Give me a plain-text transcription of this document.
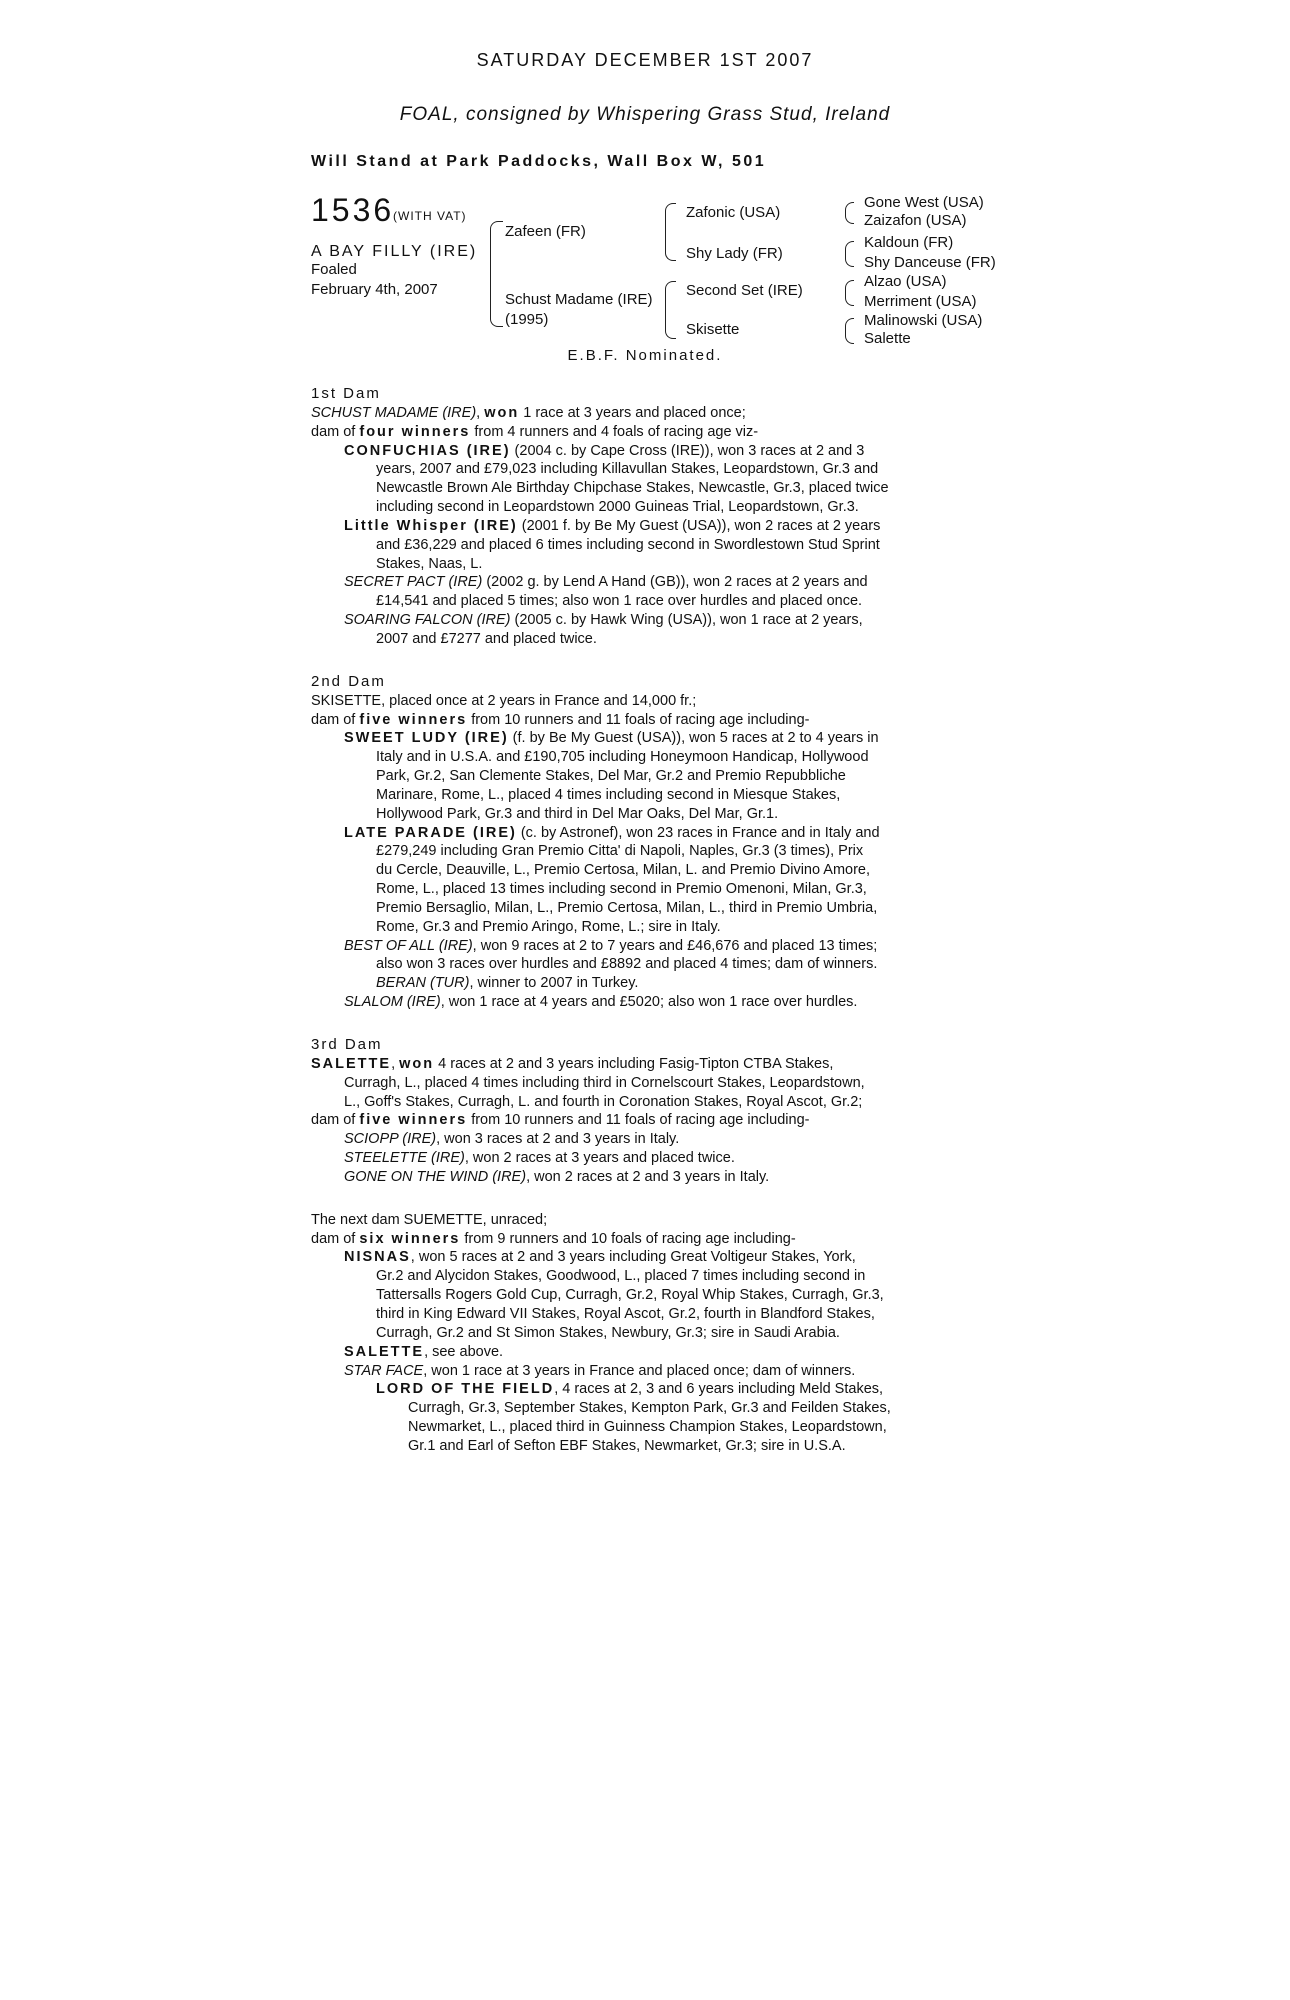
SATURDAY DECEMBER 1ST 2007
FOAL, consigned by Whispering Grass Stud, Ireland
Will Stand at Park Paddocks, Wall Box W, 501
1536
(WITH VAT)
A BAY FILLY (IRE)
Foaled
February 4th, 2007
Zafeen (FR)
Schust Madame (IRE)
(1995)
Zafonic (USA)
Shy Lady (FR)
Second Set (IRE)
Skisette
Gone West (USA)
Zaizafon (USA)
Kaldoun (FR)
Shy Danceuse (FR)
Alzao (USA)
Merriment (USA)
Malinowski (USA)
Salette
E.B.F. Nominated.
1st Dam
SCHUST MADAME (IRE), won 1 race at 3 years and placed once;
dam of four winners from 4 runners and 4 foals of racing age viz-
CONFUCHIAS (IRE) (2004 c. by Cape Cross (IRE)), won 3 races at 2 and 3
years, 2007 and £79,023 including Killavullan Stakes, Leopardstown, Gr.3 and
Newcastle Brown Ale Birthday Chipchase Stakes, Newcastle, Gr.3, placed twice
including second in Leopardstown 2000 Guineas Trial, Leopardstown, Gr.3.
Little Whisper (IRE) (2001 f. by Be My Guest (USA)), won 2 races at 2 years
and £36,229 and placed 6 times including second in Swordlestown Stud Sprint
Stakes, Naas, L.
SECRET PACT (IRE) (2002 g. by Lend A Hand (GB)), won 2 races at 2 years and
£14,541 and placed 5 times; also won 1 race over hurdles and placed once.
SOARING FALCON (IRE) (2005 c. by Hawk Wing (USA)), won 1 race at 2 years,
2007 and £7277 and placed twice.
2nd Dam
SKISETTE, placed once at 2 years in France and 14,000 fr.;
dam of five winners from 10 runners and 11 foals of racing age including-
SWEET LUDY (IRE) (f. by Be My Guest (USA)), won 5 races at 2 to 4 years in
Italy and in U.S.A. and £190,705 including Honeymoon Handicap, Hollywood
Park, Gr.2, San Clemente Stakes, Del Mar, Gr.2 and Premio Repubbliche
Marinare, Rome, L., placed 4 times including second in Miesque Stakes,
Hollywood Park, Gr.3 and third in Del Mar Oaks, Del Mar, Gr.1.
LATE PARADE (IRE) (c. by Astronef), won 23 races in France and in Italy and
£279,249 including Gran Premio Citta' di Napoli, Naples, Gr.3 (3 times), Prix
du Cercle, Deauville, L., Premio Certosa, Milan, L. and Premio Divino Amore,
Rome, L., placed 13 times including second in Premio Omenoni, Milan, Gr.3,
Premio Bersaglio, Milan, L., Premio Certosa, Milan, L., third in Premio Umbria,
Rome, Gr.3 and Premio Aringo, Rome, L.; sire in Italy.
BEST OF ALL (IRE), won 9 races at 2 to 7 years and £46,676 and placed 13 times;
also won 3 races over hurdles and £8892 and placed 4 times; dam of winners.
BERAN (TUR), winner to 2007 in Turkey.
SLALOM (IRE), won 1 race at 4 years and £5020; also won 1 race over hurdles.
3rd Dam
SALETTE, won 4 races at 2 and 3 years including Fasig-Tipton CTBA Stakes,
Curragh, L., placed 4 times including third in Cornelscourt Stakes, Leopardstown,
L., Goff's Stakes, Curragh, L. and fourth in Coronation Stakes, Royal Ascot, Gr.2;
dam of five winners from 10 runners and 11 foals of racing age including-
SCIOPP (IRE), won 3 races at 2 and 3 years in Italy.
STEELETTE (IRE), won 2 races at 3 years and placed twice.
GONE ON THE WIND (IRE), won 2 races at 2 and 3 years in Italy.
The next dam SUEMETTE, unraced;
dam of six winners from 9 runners and 10 foals of racing age including-
NISNAS, won 5 races at 2 and 3 years including Great Voltigeur Stakes, York,
Gr.2 and Alycidon Stakes, Goodwood, L., placed 7 times including second in
Tattersalls Rogers Gold Cup, Curragh, Gr.2, Royal Whip Stakes, Curragh, Gr.3,
third in King Edward VII Stakes, Royal Ascot, Gr.2, fourth in Blandford Stakes,
Curragh, Gr.2 and St Simon Stakes, Newbury, Gr.3; sire in Saudi Arabia.
SALETTE, see above.
STAR FACE, won 1 race at 3 years in France and placed once; dam of winners.
LORD OF THE FIELD, 4 races at 2, 3 and 6 years including Meld Stakes,
Curragh, Gr.3, September Stakes, Kempton Park, Gr.3 and Feilden Stakes,
Newmarket, L., placed third in Guinness Champion Stakes, Leopardstown,
Gr.1 and Earl of Sefton EBF Stakes, Newmarket, Gr.3; sire in U.S.A.
